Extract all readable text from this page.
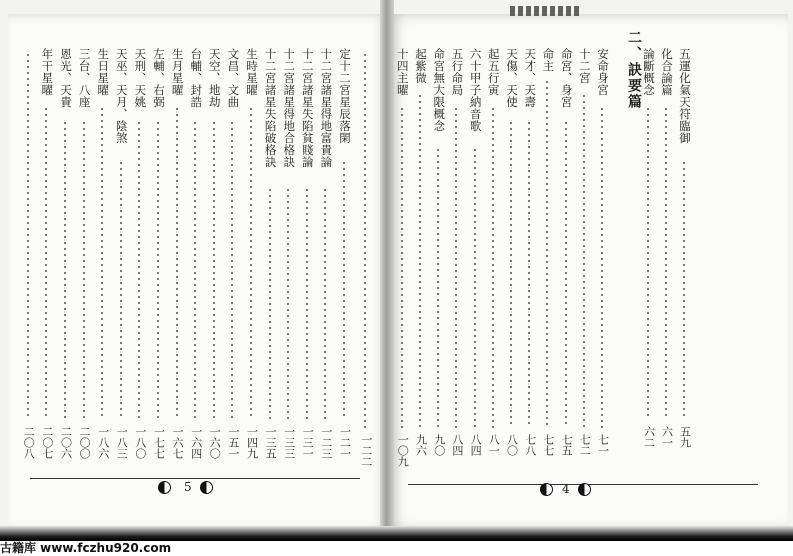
定十二宮星辰落閑
一二一
十二宮諸星得地富貴論
一二三
十二宮諸星失陷貧賤論
一三一
十二宮諸星得地合格訣
一三三
十二宮諸星失陷破格訣
一三五
生時星曜
一四九
文昌、文曲
一五一
天空、地劫
一六〇
台輔、封誥
一六四
生月星曜
一六七
左輔、右弼
一七七
天刑、天姚
一八〇
天巫、天月、陰煞
一八三
生日星曜
一八六
三台、八座
二〇〇
恩光、天貴
二〇六
年干星曜
二〇七
二〇八
5
五運化氣天符臨御
五九
化合論篇
六一
論斷概念
六二
安命身宮
七一
十二宮
七二
命宮、身宮
七五
命主
七七
天才、天壽
七八
天傷、天使
八〇
起五行寅
八一
六十甲子納音歌
八四
五行命局
八四
命宮無大限概念
九〇
起紫微
九六
十四主曜
一〇九
一二二
二、訣要篇
4
古籍库 www.fczhu920.com
